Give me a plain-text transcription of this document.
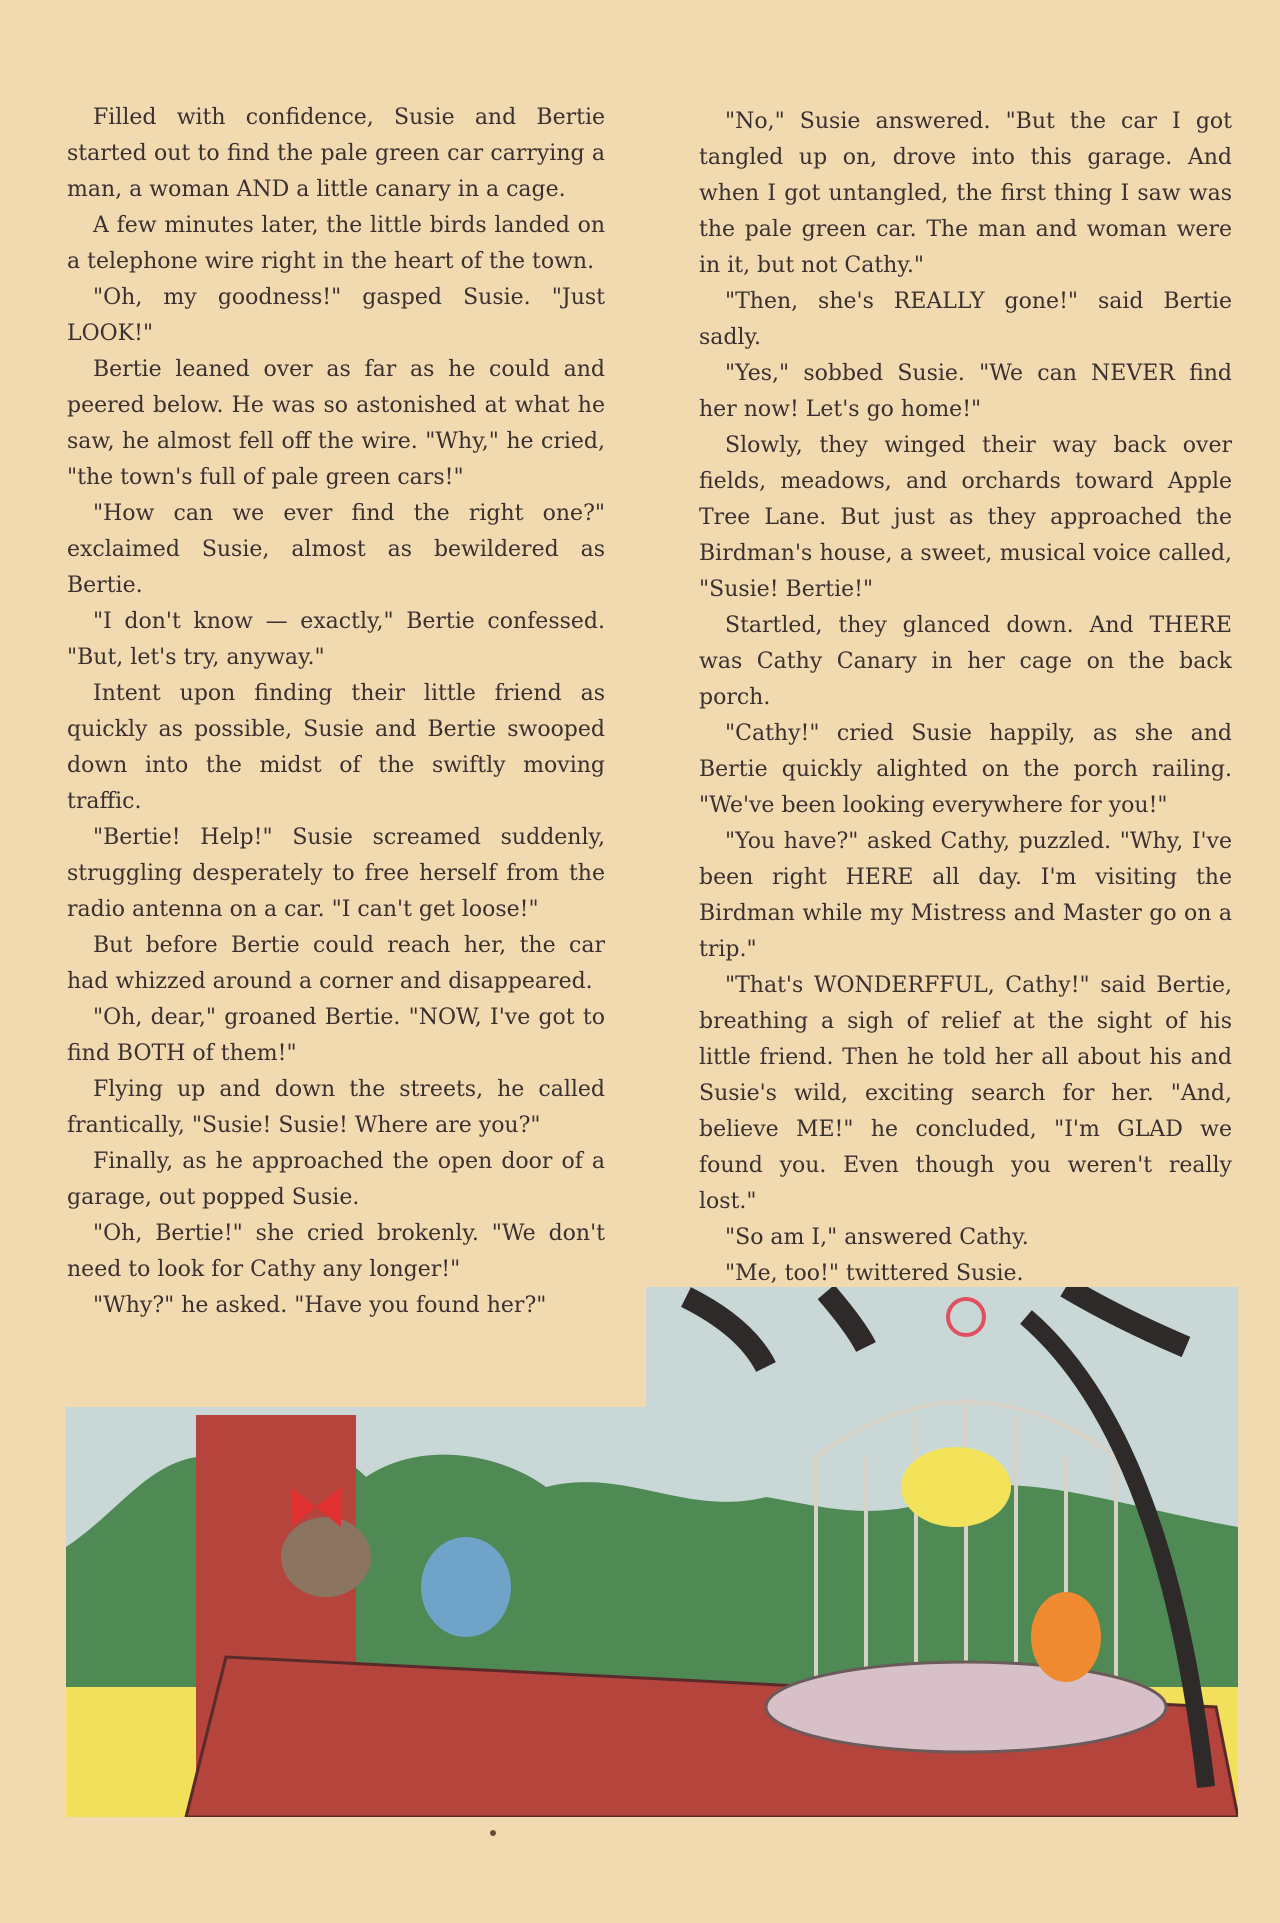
Filled with confidence, Susie and Bertie started out to find the pale green car carrying a man, a woman AND a little canary in a cage.

A few minutes later, the little birds landed on a telephone wire right in the heart of the town.

"Oh, my goodness!" gasped Susie. "Just LOOK!"

Bertie leaned over as far as he could and peered below. He was so astonished at what he saw, he almost fell off the wire. "Why," he cried, "the town's full of pale green cars!"

"How can we ever find the right one?" exclaimed Susie, almost as bewildered as Bertie.

"I don't know — exactly," Bertie confessed. "But, let's try, anyway."

Intent upon finding their little friend as quickly as possible, Susie and Bertie swooped down into the midst of the swiftly moving traffic.

"Bertie! Help!" Susie screamed suddenly, struggling desperately to free herself from the radio antenna on a car. "I can't get loose!"

But before Bertie could reach her, the car had whizzed around a corner and disappeared.

"Oh, dear," groaned Bertie. "NOW, I've got to find BOTH of them!"

Flying up and down the streets, he called frantically, "Susie! Susie! Where are you?"

Finally, as he approached the open door of a garage, out popped Susie.

"Oh, Bertie!" she cried brokenly. "We don't need to look for Cathy any longer!"

"Why?" he asked. "Have you found her?"

"No," Susie answered. "But the car I got tangled up on, drove into this garage. And when I got untangled, the first thing I saw was the pale green car. The man and woman were in it, but not Cathy."

"Then, she's REALLY gone!" said Bertie sadly.

"Yes," sobbed Susie. "We can NEVER find her now! Let's go home!"

Slowly, they winged their way back over fields, meadows, and orchards toward Apple Tree Lane. But just as they approached the Birdman's house, a sweet, musical voice called, "Susie! Bertie!"

Startled, they glanced down. And THERE was Cathy Canary in her cage on the back porch.

"Cathy!" cried Susie happily, as she and Bertie quickly alighted on the porch railing. "We've been looking everywhere for you!"

"You have?" asked Cathy, puzzled. "Why, I've been right HERE all day. I'm visiting the Birdman while my Mistress and Master go on a trip."

"That's WONDERFFUL, Cathy!" said Bertie, breathing a sigh of relief at the sight of his little friend. Then he told her all about his and Susie's wild, exciting search for her. "And, believe ME!" he concluded, "I'm GLAD we found you. Even though you weren't really lost."

"So am I," answered Cathy.

"Me, too!" twittered Susie.
